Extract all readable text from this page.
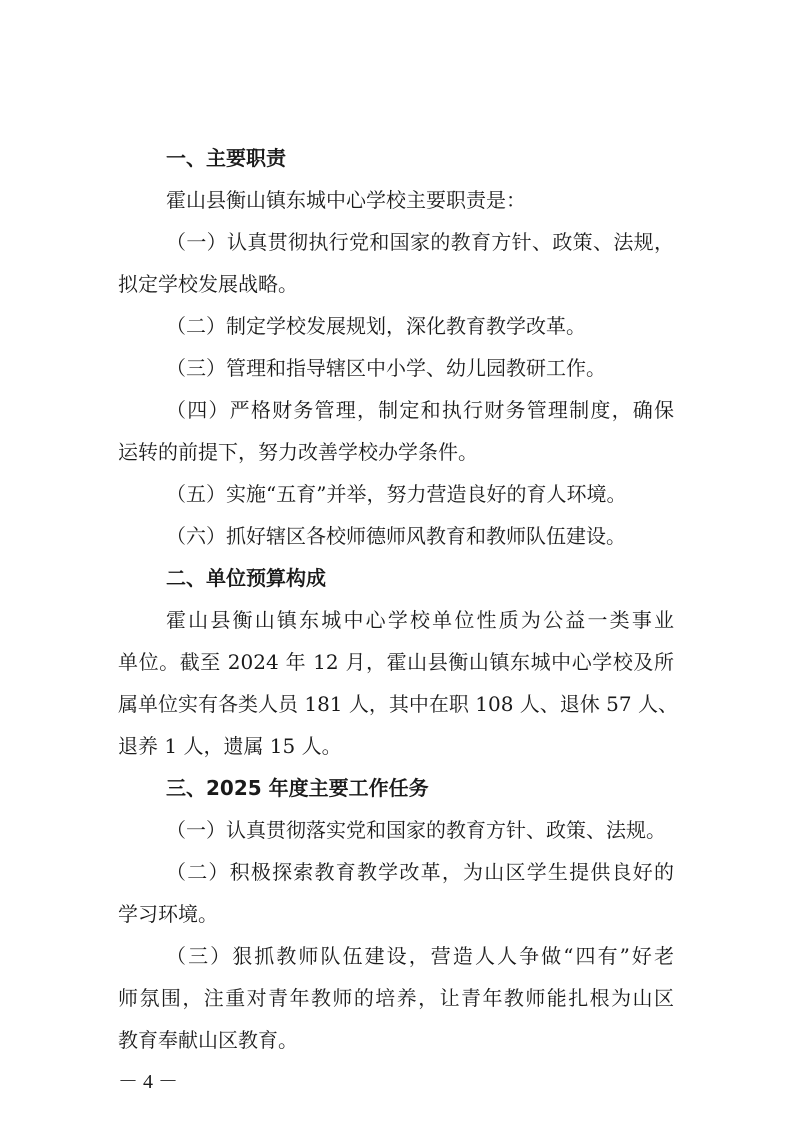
一、主要职责
霍山县衡山镇东城中心学校主要职责是：
（一）认真贯彻执行党和国家的教育方针、政策、法规，
拟定学校发展战略。
（二）制定学校发展规划，深化教育教学改革。
（三）管理和指导辖区中小学、幼儿园教研工作。
（四）严格财务管理，制定和执行财务管理制度，确保
运转的前提下，努力改善学校办学条件。
（五）实施“五育”并举，努力营造良好的育人环境。
（六）抓好辖区各校师德师风教育和教师队伍建设。
二、单位预算构成
霍山县衡山镇东城中心学校单位性质为公益一类事业
单位。截至 2024 年 12 月，霍山县衡山镇东城中心学校及所
属单位实有各类人员 181 人，其中在职 108 人、退休 57 人、
退养 1 人，遗属 15 人。
三、2025 年度主要工作任务
（一）认真贯彻落实党和国家的教育方针、政策、法规。
（二）积极探索教育教学改革，为山区学生提供良好的
学习环境。
（三）狠抓教师队伍建设，营造人人争做“四有”好老
师氛围，注重对青年教师的培养，让青年教师能扎根为山区
教育奉献山区教育。
－ 4 －
